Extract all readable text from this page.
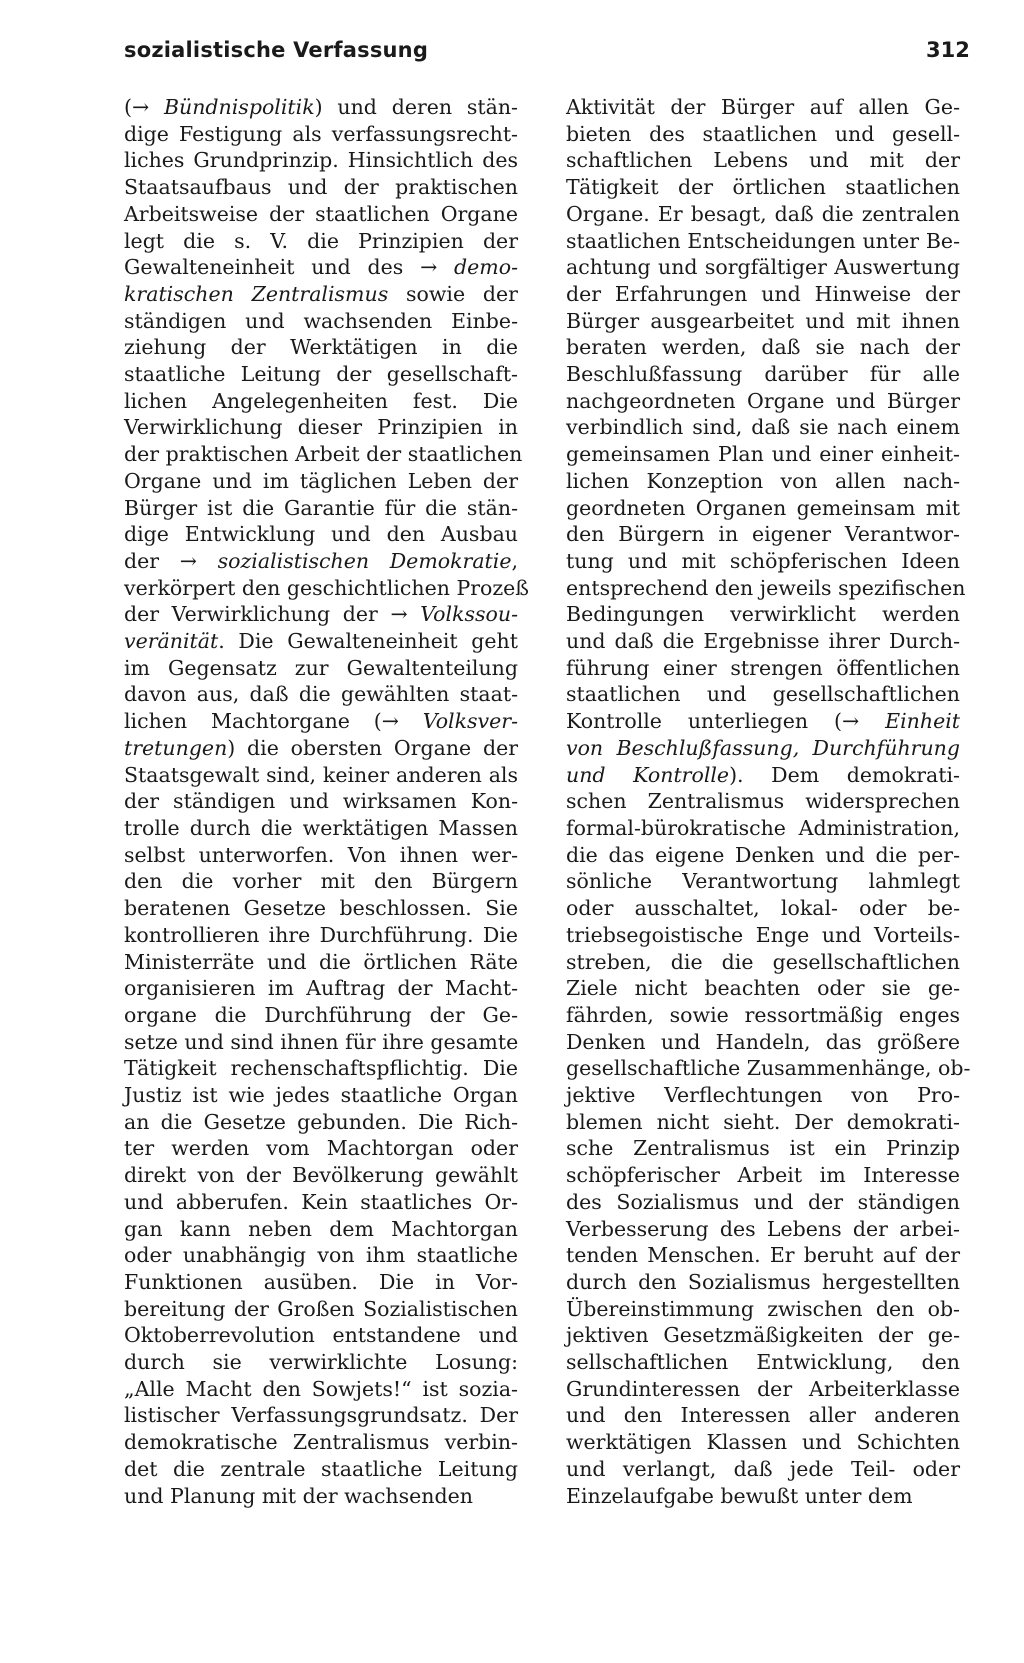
sozialistische Verfassung	312
(→ Bündnispolitik) und deren stän-
dige Festigung als verfassungsrecht-
liches Grundprinzip. Hinsichtlich des
Staatsaufbaus und der praktischen
Arbeitsweise der staatlichen Organe
legt die s. V. die Prinzipien der
Gewalteneinheit und des → demo-
kratischen Zentralismus sowie der
ständigen und wachsenden Einbe-
ziehung der Werktätigen in die
staatliche Leitung der gesellschaft-
lichen Angelegenheiten fest. Die
Verwirklichung dieser Prinzipien in
der praktischen Arbeit der staatlichen
Organe und im täglichen Leben der
Bürger ist die Garantie für die stän-
dige Entwicklung und den Ausbau
der → sozialistischen Demokratie,
verkörpert den geschichtlichen Prozeß
der Verwirklichung der → Volkssou-
veränität. Die Gewalteneinheit geht
im Gegensatz zur Gewaltenteilung
davon aus, daß die gewählten staat-
lichen Machtorgane (→ Volksver-
tretungen) die obersten Organe der
Staatsgewalt sind, keiner anderen als
der ständigen und wirksamen Kon-
trolle durch die werktätigen Massen
selbst unterworfen. Von ihnen wer-
den die vorher mit den Bürgern
beratenen Gesetze beschlossen. Sie
kontrollieren ihre Durchführung. Die
Ministerräte und die örtlichen Räte
organisieren im Auftrag der Macht-
organe die Durchführung der Ge-
setze und sind ihnen für ihre gesamte
Tätigkeit rechenschaftspflichtig. Die
Justiz ist wie jedes staatliche Organ
an die Gesetze gebunden. Die Rich-
ter werden vom Machtorgan oder
direkt von der Bevölkerung gewählt
und abberufen. Kein staatliches Or-
gan kann neben dem Machtorgan
oder unabhängig von ihm staatliche
Funktionen ausüben. Die in Vor-
bereitung der Großen Sozialistischen
Oktoberrevolution entstandene und
durch sie verwirklichte Losung:
„Alle Macht den Sowjets!“ ist sozia-
listischer Verfassungsgrundsatz. Der
demokratische Zentralismus verbin-
det die zentrale staatliche Leitung
und Planung mit der wachsenden
Aktivität der Bürger auf allen Ge-
bieten des staatlichen und gesell-
schaftlichen Lebens und mit der
Tätigkeit der örtlichen staatlichen
Organe. Er besagt, daß die zentralen
staatlichen Entscheidungen unter Be-
achtung und sorgfältiger Auswertung
der Erfahrungen und Hinweise der
Bürger ausgearbeitet und mit ihnen
beraten werden, daß sie nach der
Beschlußfassung darüber für alle
nachgeordneten Organe und Bürger
verbindlich sind, daß sie nach einem
gemeinsamen Plan und einer einheit-
lichen Konzeption von allen nach-
geordneten Organen gemeinsam mit
den Bürgern in eigener Verantwor-
tung und mit schöpferischen Ideen
entsprechend den jeweils spezifischen
Bedingungen verwirklicht werden
und daß die Ergebnisse ihrer Durch-
führung einer strengen öffentlichen
staatlichen und gesellschaftlichen
Kontrolle unterliegen (→ Einheit
von Beschlußfassung, Durchführung
und Kontrolle). Dem demokrati-
schen Zentralismus widersprechen
formal-bürokratische Administration,
die das eigene Denken und die per-
sönliche Verantwortung lahmlegt
oder ausschaltet, lokal- oder be-
triebsegoistische Enge und Vorteils-
streben, die die gesellschaftlichen
Ziele nicht beachten oder sie ge-
fährden, sowie ressortmäßig enges
Denken und Handeln, das größere
gesellschaftliche Zusammenhänge, ob-
jektive Verflechtungen von Pro-
blemen nicht sieht. Der demokrati-
sche Zentralismus ist ein Prinzip
schöpferischer Arbeit im Interesse
des Sozialismus und der ständigen
Verbesserung des Lebens der arbei-
tenden Menschen. Er beruht auf der
durch den Sozialismus hergestellten
Übereinstimmung zwischen den ob-
jektiven Gesetzmäßigkeiten der ge-
sellschaftlichen Entwicklung, den
Grundinteressen der Arbeiterklasse
und den Interessen aller anderen
werktätigen Klassen und Schichten
und verlangt, daß jede Teil- oder
Einzelaufgabe bewußt unter dem
